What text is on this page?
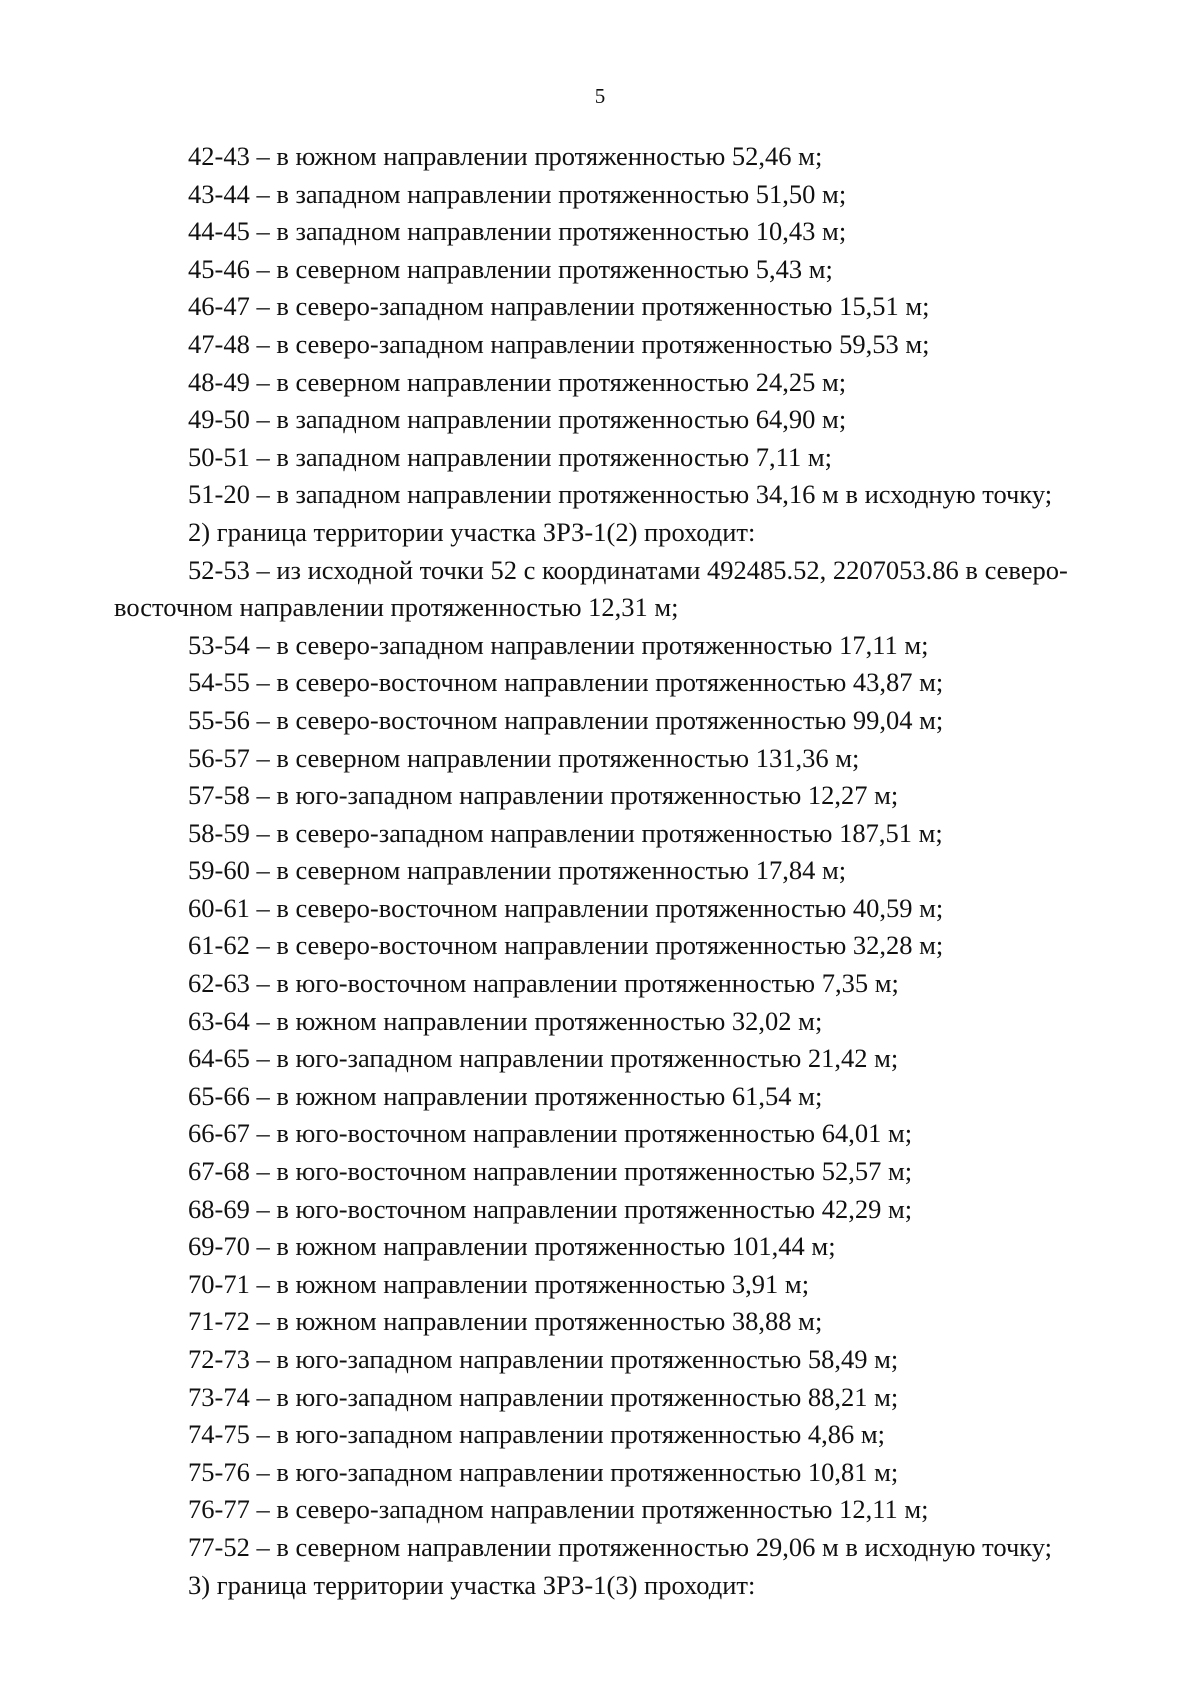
5
42-43 – в южном направлении протяженностью 52,46 м;
43-44 – в западном направлении протяженностью 51,50 м;
44-45 – в западном направлении протяженностью 10,43 м;
45-46 – в северном направлении протяженностью 5,43 м;
46-47 – в северо-западном направлении протяженностью 15,51 м;
47-48 – в северо-западном направлении протяженностью 59,53 м;
48-49 – в северном направлении протяженностью 24,25 м;
49-50 – в западном направлении протяженностью 64,90 м;
50-51 – в западном направлении протяженностью 7,11 м;
51-20 – в западном направлении протяженностью 34,16 м в исходную точку;
2) граница территории участка ЗРЗ-1(2) проходит:
52-53 – из исходной точки 52 с координатами 492485.52, 2207053.86 в северо-
восточном направлении протяженностью 12,31 м;
53-54 – в северо-западном направлении протяженностью 17,11 м;
54-55 – в северо-восточном направлении протяженностью 43,87 м;
55-56 – в северо-восточном направлении протяженностью 99,04 м;
56-57 – в северном направлении протяженностью 131,36 м;
57-58 – в юго-западном направлении протяженностью 12,27 м;
58-59 – в северо-западном направлении протяженностью 187,51 м;
59-60 – в северном направлении протяженностью 17,84 м;
60-61 – в северо-восточном направлении протяженностью 40,59 м;
61-62 – в северо-восточном направлении протяженностью 32,28 м;
62-63 – в юго-восточном направлении протяженностью 7,35 м;
63-64 – в южном направлении протяженностью 32,02 м;
64-65 – в юго-западном направлении протяженностью 21,42 м;
65-66 – в южном направлении протяженностью 61,54 м;
66-67 – в юго-восточном направлении протяженностью 64,01 м;
67-68 – в юго-восточном направлении протяженностью 52,57 м;
68-69 – в юго-восточном направлении протяженностью 42,29 м;
69-70 – в южном направлении протяженностью 101,44 м;
70-71 – в южном направлении протяженностью 3,91 м;
71-72 – в южном направлении протяженностью 38,88 м;
72-73 – в юго-западном направлении протяженностью 58,49 м;
73-74 – в юго-западном направлении протяженностью 88,21 м;
74-75 – в юго-западном направлении протяженностью 4,86 м;
75-76 – в юго-западном направлении протяженностью 10,81 м;
76-77 – в северо-западном направлении протяженностью 12,11 м;
77-52 – в северном направлении протяженностью 29,06 м в исходную точку;
3) граница территории участка ЗРЗ-1(3) проходит:
